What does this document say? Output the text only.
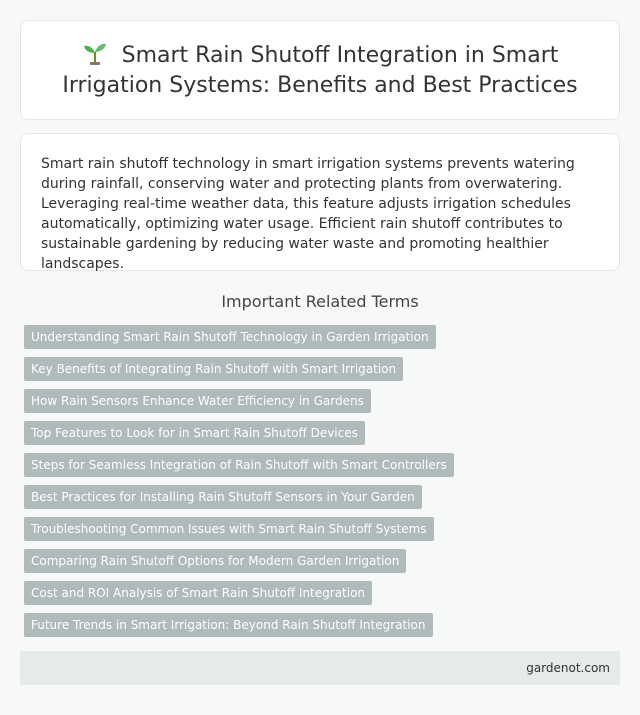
Smart Rain Shutoff Integration in Smart Irrigation Systems: Benefits and Best Practices

Smart rain shutoff technology in smart irrigation systems prevents watering during rainfall, conserving water and protecting plants from overwatering. Leveraging real-time weather data, this feature adjusts irrigation schedules automatically, optimizing water usage. Efficient rain shutoff contributes to sustainable gardening by reducing water waste and promoting healthier landscapes.

Important Related Terms
Understanding Smart Rain Shutoff Technology in Garden Irrigation
Key Benefits of Integrating Rain Shutoff with Smart Irrigation
How Rain Sensors Enhance Water Efficiency in Gardens
Top Features to Look for in Smart Rain Shutoff Devices
Steps for Seamless Integration of Rain Shutoff with Smart Controllers
Best Practices for Installing Rain Shutoff Sensors in Your Garden
Troubleshooting Common Issues with Smart Rain Shutoff Systems
Comparing Rain Shutoff Options for Modern Garden Irrigation
Cost and ROI Analysis of Smart Rain Shutoff Integration
Future Trends in Smart Irrigation: Beyond Rain Shutoff Integration
gardenot.com
